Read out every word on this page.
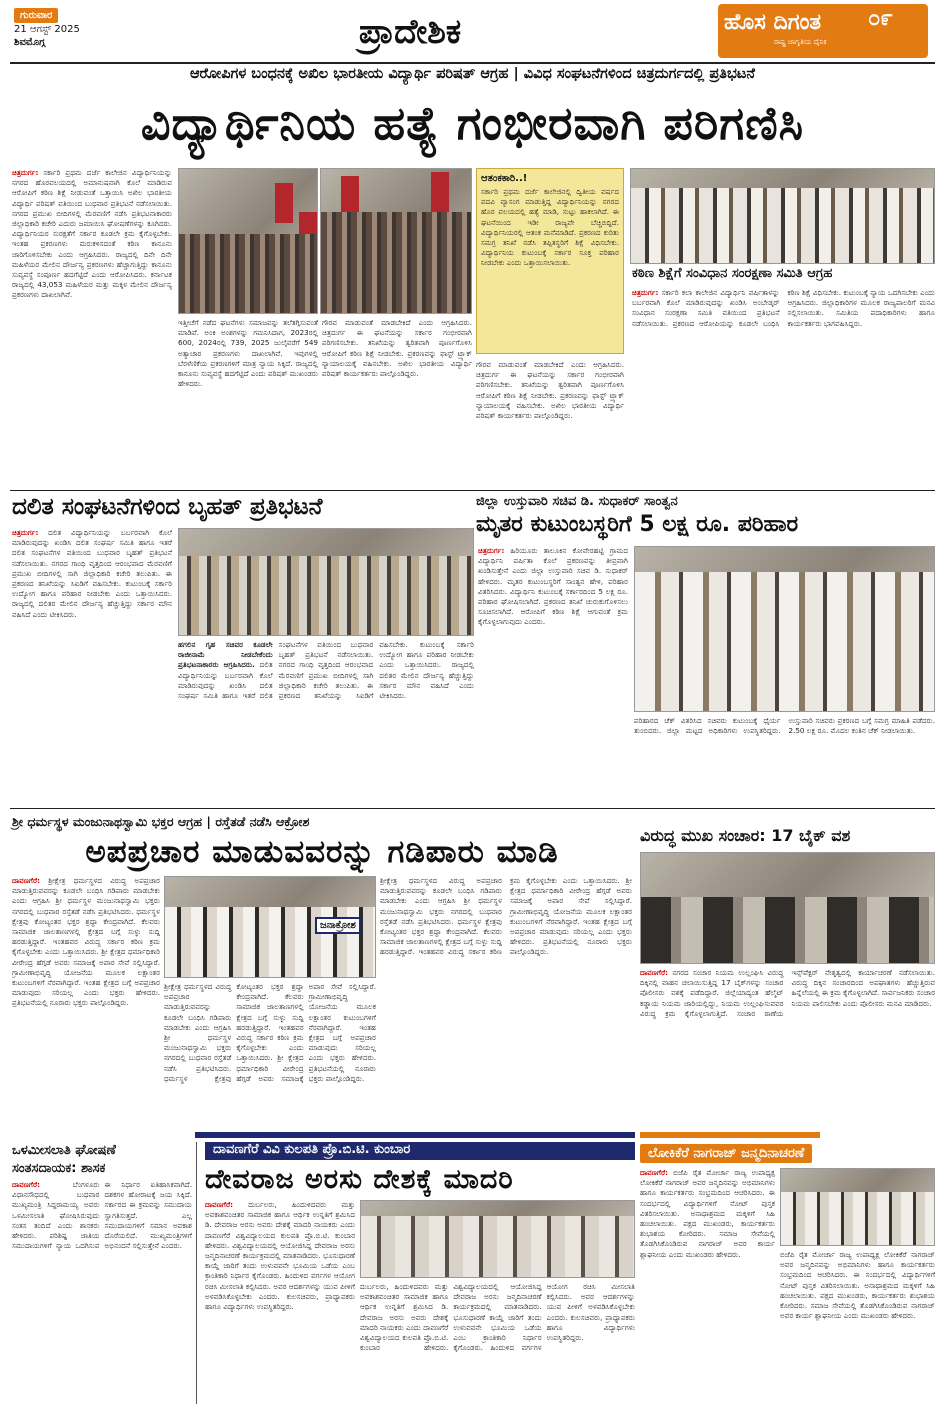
ಗುರುವಾರ
21 ಆಗಸ್ಟ್ 2025
ಶಿವಮೊಗ್ಗ	ಪ್ರಾದೇಶಿಕ	ಹೊಸ ದಿಗಂತ ೦೯
ರಾಷ್ಟ್ರ ಜಾಗೃತಿಯ ದೈನಿಕ
ಆರೋಪಿಗಳ ಬಂಧನಕ್ಕೆ ಅಖಿಲ ಭಾರತೀಯ ವಿದ್ಯಾರ್ಥಿ ಪರಿಷತ್ ಆಗ್ರಹ | ವಿವಿಧ ಸಂಘಟನೆಗಳಿಂದ ಚಿತ್ರದುರ್ಗದಲ್ಲಿ ಪ್ರತಿಭಟನೆ
ವಿದ್ಯಾರ್ಥಿನಿಯ ಹತ್ಯೆ ಗಂಭೀರವಾಗಿ ಪರಿಗಣಿಸಿ
ಚಿತ್ರದುರ್ಗ: ಸರ್ಕಾರಿ ಪ್ರಥಮ ದರ್ಜೆ ಕಾಲೇಜಿನ ವಿದ್ಯಾರ್ಥಿನಿಯನ್ನು ನಗರದ ಹೊರವಲಯದಲ್ಲಿ ಅಮಾನುಷವಾಗಿ ಕೊಲೆ ಮಾಡಿರುವ ಆರೋಪಿಗೆ ಕಠಿಣ ಶಿಕ್ಷೆ ನೀಡುವಂತೆ ಒತ್ತಾಯಿಸಿ ಅಖಿಲ ಭಾರತೀಯ ವಿದ್ಯಾರ್ಥಿ ಪರಿಷತ್ ವತಿಯಿಂದ ಬುಧವಾರ ಪ್ರತಿಭಟನೆ ನಡೆಸಲಾಯಿತು. ನಗರದ ಪ್ರಮುಖ ಬೀದಿಗಳಲ್ಲಿ ಮೆರವಣಿಗೆ ನಡೆಸಿ ಪ್ರತಿಭಟನಾಕಾರರು ಜಿಲ್ಲಾಧಿಕಾರಿ ಕಚೇರಿ ಎದುರು ಜಮಾಯಿಸಿ ಘೋಷಣೆಗಳನ್ನು ಕೂಗಿದರು. ವಿದ್ಯಾರ್ಥಿನಿಯರ ಸುರಕ್ಷತೆಗೆ ಸರ್ಕಾರ ಕೂಡಲೇ ಕ್ರಮ ಕೈಗೊಳ್ಳಬೇಕು. ಇಂತಹ ಪ್ರಕರಣಗಳು ಮರುಕಳಿಸದಂತೆ ಕಠಿಣ ಕಾನೂನು ಜಾರಿಗೊಳಿಸಬೇಕು ಎಂದು ಆಗ್ರಹಿಸಿದರು. ರಾಜ್ಯದಲ್ಲಿ ದಿನೇ ದಿನೇ ಮಹಿಳೆಯರ ಮೇಲಿನ ದೌರ್ಜನ್ಯ ಪ್ರಕರಣಗಳು ಹೆಚ್ಚಾಗುತ್ತಿದ್ದು ಕಾನೂನು ಸುವ್ಯವಸ್ಥೆ ಸಂಪೂರ್ಣ ಹದಗೆಟ್ಟಿದೆ ಎಂದು ಆರೋಪಿಸಿದರು. ಕರ್ನಾಟಕ ರಾಜ್ಯದಲ್ಲಿ 43,053 ಮಹಿಳೆಯರ ಮತ್ತು ಮಕ್ಕಳ ಮೇಲಿನ ದೌರ್ಜನ್ಯ ಪ್ರಕರಣಗಳು ದಾಖಲಾಗಿವೆ.
ಇತ್ತೀಚೆಗೆ ನಡೆದ ಘಟನೆಗಳು ಸಮಾಜವನ್ನು ತಲೆತಗ್ಗಿಸುವಂತೆ ಮಾಡಿವೆ. ಅಂಕಿ ಅಂಶಗಳನ್ನು ಗಮನಿಸಿದಾಗ, 2023ರಲ್ಲಿ 600, 2024ರಲ್ಲಿ 739, 2025 ಜುಲೈವರೆಗೆ 549 ಅತ್ಯಾಚಾರ ಪ್ರಕರಣಗಳು ದಾಖಲಾಗಿವೆ. ಇವುಗಳಲ್ಲಿ ಬೆರಳೆಣಿಕೆಯ ಪ್ರಕರಣಗಳಿಗೆ ಮಾತ್ರ ನ್ಯಾಯ ಸಿಕ್ಕಿದೆ. ರಾಜ್ಯದಲ್ಲಿ ಕಾನೂನು ಸುವ್ಯವಸ್ಥೆ ಹದಗೆಟ್ಟಿದೆ ಎಂದು ಪರಿಷತ್ ಮುಖಂಡರು ಹೇಳಿದರು.
ಗೌರವ ಮಾಡುವಂತೆ ಮಾಡಬೇಕಿದೆ ಎಂದು ಆಗ್ರಹಿಸಿದರು. ಚಿತ್ರದುರ್ಗ ಈ ಘಟನೆಯನ್ನು ಸರ್ಕಾರ ಗಂಭೀರವಾಗಿ ಪರಿಗಣಿಸಬೇಕು. ತನಿಖೆಯನ್ನು ತ್ವರಿತವಾಗಿ ಪೂರ್ಣಗೊಳಿಸಿ ಆರೋಪಿಗೆ ಕಠಿಣ ಶಿಕ್ಷೆ ನೀಡಬೇಕು. ಪ್ರಕರಣವನ್ನು ಫಾಸ್ಟ್ ಟ್ರ್ಯಾಕ್ ನ್ಯಾಯಾಲಯಕ್ಕೆ ವಹಿಸಬೇಕು. ಅಖಿಲ ಭಾರತೀಯ ವಿದ್ಯಾರ್ಥಿ ಪರಿಷತ್ ಕಾರ್ಯಕರ್ತರು ಪಾಲ್ಗೊಂಡಿದ್ದರು.
ಆತಂಕಕಾರಿ..!
ಸರ್ಕಾರಿ ಪ್ರಥಮ ದರ್ಜೆ ಕಾಲೇಜಿನಲ್ಲಿ ದ್ವಿತೀಯ ವರ್ಷದ ಪದವಿ ವ್ಯಾಸಂಗ ಮಾಡುತ್ತಿದ್ದ ವಿದ್ಯಾರ್ಥಿನಿಯನ್ನು ನಗರದ ಹೊರ ವಲಯದಲ್ಲಿ ಹತ್ಯೆ ಮಾಡಿ, ಸುಟ್ಟು ಹಾಕಲಾಗಿದೆ. ಈ ಘಟನೆಯಿಂದ ಇಡೀ ರಾಜ್ಯವೇ ಬೆಚ್ಚಿಬಿದ್ದಿದೆ. ವಿದ್ಯಾರ್ಥಿನಿಯರಲ್ಲಿ ಆತಂಕ ಮನೆಮಾಡಿದೆ. ಪ್ರಕರಣದ ಕುರಿತು ಸಮಗ್ರ ತನಿಖೆ ನಡೆಸಿ ತಪ್ಪಿತಸ್ಥರಿಗೆ ಶಿಕ್ಷೆ ವಿಧಿಸಬೇಕು. ವಿದ್ಯಾರ್ಥಿನಿಯ ಕುಟುಂಬಕ್ಕೆ ಸರ್ಕಾರ ಸೂಕ್ತ ಪರಿಹಾರ ನೀಡಬೇಕು ಎಂದು ಒತ್ತಾಯಿಸಲಾಯಿತು.
ಗೌರವ ಮಾಡುವಂತೆ ಮಾಡಬೇಕಿದೆ ಎಂದು ಆಗ್ರಹಿಸಿದರು. ಚಿತ್ರದುರ್ಗ ಈ ಘಟನೆಯನ್ನು ಸರ್ಕಾರ ಗಂಭೀರವಾಗಿ ಪರಿಗಣಿಸಬೇಕು. ತನಿಖೆಯನ್ನು ತ್ವರಿತವಾಗಿ ಪೂರ್ಣಗೊಳಿಸಿ ಆರೋಪಿಗೆ ಕಠಿಣ ಶಿಕ್ಷೆ ನೀಡಬೇಕು. ಪ್ರಕರಣವನ್ನು ಫಾಸ್ಟ್ ಟ್ರ್ಯಾಕ್ ನ್ಯಾಯಾಲಯಕ್ಕೆ ವಹಿಸಬೇಕು. ಅಖಿಲ ಭಾರತೀಯ ವಿದ್ಯಾರ್ಥಿ ಪರಿಷತ್ ಕಾರ್ಯಕರ್ತರು ಪಾಲ್ಗೊಂಡಿದ್ದರು.
ಕಠಿಣ ಶಿಕ್ಷೆಗೆ ಸಂವಿಧಾನ ಸಂರಕ್ಷಣಾ ಸಮಿತಿ ಆಗ್ರಹ
ಚಿತ್ರದುರ್ಗ: ಸರ್ಕಾರಿ ಕಲಾ ಕಾಲೇಜಿನ ವಿದ್ಯಾರ್ಥಿನಿ ವರ್ಷಿತಾಳನ್ನು ಬರ್ಬರವಾಗಿ ಕೊಲೆ ಮಾಡಿರುವುದನ್ನು ಖಂಡಿಸಿ ಅಂಬೇಡ್ಕರ್ ಸಂವಿಧಾನ ಸಂರಕ್ಷಣಾ ಸಮಿತಿ ವತಿಯಿಂದ ಪ್ರತಿಭಟನೆ ನಡೆಸಲಾಯಿತು. ಪ್ರಕರಣದ ಆರೋಪಿಯನ್ನು ಕೂಡಲೇ ಬಂಧಿಸಿ ಕಠಿಣ ಶಿಕ್ಷೆ ವಿಧಿಸಬೇಕು. ಕುಟುಂಬಕ್ಕೆ ನ್ಯಾಯ ಒದಗಿಸಬೇಕು ಎಂದು ಆಗ್ರಹಿಸಿದರು. ಜಿಲ್ಲಾಧಿಕಾರಿಗಳ ಮೂಲಕ ರಾಜ್ಯಪಾಲರಿಗೆ ಮನವಿ ಸಲ್ಲಿಸಲಾಯಿತು. ಸಮಿತಿಯ ಪದಾಧಿಕಾರಿಗಳು ಹಾಗೂ ಕಾರ್ಯಕರ್ತರು ಭಾಗವಹಿಸಿದ್ದರು.
ದಲಿತ ಸಂಘಟನೆಗಳಿಂದ ಬೃಹತ್ ಪ್ರತಿಭಟನೆ
ಚಿತ್ರದುರ್ಗ: ದಲಿತ ವಿದ್ಯಾರ್ಥಿನಿಯನ್ನು ಬರ್ಬರವಾಗಿ ಕೊಲೆ ಮಾಡಿರುವುದನ್ನು ಖಂಡಿಸಿ ದಲಿತ ಸಂಘರ್ಷ ಸಮಿತಿ ಹಾಗೂ ಇತರೆ ದಲಿತ ಸಂಘಟನೆಗಳ ವತಿಯಿಂದ ಬುಧವಾರ ಬೃಹತ್ ಪ್ರತಿಭಟನೆ ನಡೆಸಲಾಯಿತು. ನಗರದ ಗಾಂಧಿ ವೃತ್ತದಿಂದ ಆರಂಭವಾದ ಮೆರವಣಿಗೆ ಪ್ರಮುಖ ಬೀದಿಗಳಲ್ಲಿ ಸಾಗಿ ಜಿಲ್ಲಾಧಿಕಾರಿ ಕಚೇರಿ ತಲುಪಿತು. ಈ ಪ್ರಕರಣದ ತನಿಖೆಯನ್ನು ಸಿಐಡಿಗೆ ವಹಿಸಬೇಕು. ಕುಟುಂಬಕ್ಕೆ ಸರ್ಕಾರಿ ಉದ್ಯೋಗ ಹಾಗೂ ಪರಿಹಾರ ನೀಡಬೇಕು ಎಂದು ಒತ್ತಾಯಿಸಿದರು. ರಾಜ್ಯದಲ್ಲಿ ದಲಿತರ ಮೇಲಿನ ದೌರ್ಜನ್ಯ ಹೆಚ್ಚುತ್ತಿದ್ದು ಸರ್ಕಾರ ಮೌನ ವಹಿಸಿದೆ ಎಂದು ಟೀಕಿಸಿದರು.
ಹಗಲಿನ ಗೃಹ ಸಚಿವರ ಕೂಡಲೇ ರಾಜೀನಾಮೆ ನೀಡಬೇಕೆಂದು ಪ್ರತಿಭಟನಾಕಾರರು ಆಗ್ರಹಿಸಿದರು. ದಲಿತ ವಿದ್ಯಾರ್ಥಿನಿಯನ್ನು ಬರ್ಬರವಾಗಿ ಕೊಲೆ ಮಾಡಿರುವುದನ್ನು ಖಂಡಿಸಿ ದಲಿತ ಸಂಘರ್ಷ ಸಮಿತಿ ಹಾಗೂ ಇತರೆ ದಲಿತ ಸಂಘಟನೆಗಳ ವತಿಯಿಂದ ಬುಧವಾರ ಬೃಹತ್ ಪ್ರತಿಭಟನೆ ನಡೆಸಲಾಯಿತು. ನಗರದ ಗಾಂಧಿ ವೃತ್ತದಿಂದ ಆರಂಭವಾದ ಮೆರವಣಿಗೆ ಪ್ರಮುಖ ಬೀದಿಗಳಲ್ಲಿ ಸಾಗಿ ಜಿಲ್ಲಾಧಿಕಾರಿ ಕಚೇರಿ ತಲುಪಿತು. ಈ ಪ್ರಕರಣದ ತನಿಖೆಯನ್ನು ಸಿಐಡಿಗೆ ವಹಿಸಬೇಕು. ಕುಟುಂಬಕ್ಕೆ ಸರ್ಕಾರಿ ಉದ್ಯೋಗ ಹಾಗೂ ಪರಿಹಾರ ನೀಡಬೇಕು ಎಂದು ಒತ್ತಾಯಿಸಿದರು. ರಾಜ್ಯದಲ್ಲಿ ದಲಿತರ ಮೇಲಿನ ದೌರ್ಜನ್ಯ ಹೆಚ್ಚುತ್ತಿದ್ದು ಸರ್ಕಾರ ಮೌನ ವಹಿಸಿದೆ ಎಂದು ಟೀಕಿಸಿದರು.
ಜಿಲ್ಲಾ ಉಸ್ತುವಾರಿ ಸಚಿವ ಡಿ. ಸುಧಾಕರ್ ಸಾಂತ್ವನ
ಮೃತರ ಕುಟುಂಬಸ್ಥರಿಗೆ 5 ಲಕ್ಷ ರೂ. ಪರಿಹಾರ
ಚಿತ್ರದುರ್ಗ: ಹಿರಿಯೂರು ತಾಲೂಕಿನ ಕೋವೇರಹಟ್ಟಿ ಗ್ರಾಮದ ವಿದ್ಯಾರ್ಥಿನಿ ವರ್ಷಿತಾ ಕೊಲೆ ಪ್ರಕರಣವನ್ನು ತೀವ್ರವಾಗಿ ಖಂಡಿಸುತ್ತೇನೆ ಎಂದು ಜಿಲ್ಲಾ ಉಸ್ತುವಾರಿ ಸಚಿವ ಡಿ. ಸುಧಾಕರ್ ಹೇಳಿದರು. ಮೃತರ ಕುಟುಂಬಸ್ಥರಿಗೆ ಸಾಂತ್ವನ ಹೇಳಿ, ಪರಿಹಾರ ವಿತರಿಸಿದರು. ವಿದ್ಯಾರ್ಥಿನಿ ಕುಟುಂಬಕ್ಕೆ ಸರ್ಕಾರದಿಂದ 5 ಲಕ್ಷ ರೂ. ಪರಿಹಾರ ಘೋಷಿಸಲಾಗಿದೆ. ಪ್ರಕರಣದ ತನಿಖೆ ಚುರುಕುಗೊಳಿಸಲು ಸೂಚಿಸಲಾಗಿದೆ. ಆರೋಪಿಗೆ ಕಠಿಣ ಶಿಕ್ಷೆ ಆಗುವಂತೆ ಕ್ರಮ ಕೈಗೊಳ್ಳಲಾಗುವುದು ಎಂದರು.
ಪರಿಹಾರದ ಚೆಕ್ ವಿತರಿಸಿದ ಸಚಿವರು ಕುಟುಂಬಕ್ಕೆ ಧೈರ್ಯ ತುಂಬಿದರು. ಜಿಲ್ಲಾ ಮಟ್ಟದ ಅಧಿಕಾರಿಗಳು ಉಪಸ್ಥಿತರಿದ್ದರು. ಉಸ್ತುವಾರಿ ಸಚಿವರು ಪ್ರಕರಣದ ಬಗ್ಗೆ ಸಮಗ್ರ ಮಾಹಿತಿ ಪಡೆದರು. 2.50 ಲಕ್ಷ ರೂ. ಮೊದಲ ಕಂತಿನ ಚೆಕ್ ನೀಡಲಾಯಿತು.
ಶ್ರೀ ಧರ್ಮಸ್ಥಳ ಮಂಜುನಾಥಸ್ವಾಮಿ ಭಕ್ತರ ಆಗ್ರಹ | ರಸ್ತೆತಡೆ ನಡೆಸಿ ಆಕ್ರೋಶ
ಅಪಪ್ರಚಾರ ಮಾಡುವವರನ್ನು ಗಡಿಪಾರು ಮಾಡಿ
ದಾವಣಗೆರೆ: ಶ್ರೀಕ್ಷೇತ್ರ ಧರ್ಮಸ್ಥಳದ ವಿರುದ್ಧ ಅಪಪ್ರಚಾರ ಮಾಡುತ್ತಿರುವವರನ್ನು ಕೂಡಲೇ ಬಂಧಿಸಿ ಗಡಿಪಾರು ಮಾಡಬೇಕು ಎಂದು ಆಗ್ರಹಿಸಿ ಶ್ರೀ ಧರ್ಮಸ್ಥಳ ಮಂಜುನಾಥಸ್ವಾಮಿ ಭಕ್ತರು ನಗರದಲ್ಲಿ ಬುಧವಾರ ರಸ್ತೆತಡೆ ನಡೆಸಿ ಪ್ರತಿಭಟಿಸಿದರು. ಧರ್ಮಸ್ಥಳ ಕ್ಷೇತ್ರವು ಕೋಟ್ಯಂತರ ಭಕ್ತರ ಶ್ರದ್ಧಾ ಕೇಂದ್ರವಾಗಿದೆ. ಕೆಲವರು ಸಾಮಾಜಿಕ ಜಾಲತಾಣಗಳಲ್ಲಿ ಕ್ಷೇತ್ರದ ಬಗ್ಗೆ ಸುಳ್ಳು ಸುದ್ದಿ ಹರಡುತ್ತಿದ್ದಾರೆ. ಇಂತಹವರ ವಿರುದ್ಧ ಸರ್ಕಾರ ಕಠಿಣ ಕ್ರಮ ಕೈಗೊಳ್ಳಬೇಕು ಎಂದು ಒತ್ತಾಯಿಸಿದರು. ಶ್ರೀ ಕ್ಷೇತ್ರದ ಧರ್ಮಾಧಿಕಾರಿ ವೀರೇಂದ್ರ ಹೆಗ್ಗಡೆ ಅವರು ಸಮಾಜಕ್ಕೆ ಅಪಾರ ಸೇವೆ ಸಲ್ಲಿಸಿದ್ದಾರೆ. ಗ್ರಾಮೀಣಾಭಿವೃದ್ಧಿ ಯೋಜನೆಯ ಮೂಲಕ ಲಕ್ಷಾಂತರ ಕುಟುಂಬಗಳಿಗೆ ನೆರವಾಗಿದ್ದಾರೆ. ಇಂತಹ ಕ್ಷೇತ್ರದ ಬಗ್ಗೆ ಅಪಪ್ರಚಾರ ಮಾಡುವುದು ಸರಿಯಲ್ಲ ಎಂದು ಭಕ್ತರು ಹೇಳಿದರು. ಪ್ರತಿಭಟನೆಯಲ್ಲಿ ನೂರಾರು ಭಕ್ತರು ಪಾಲ್ಗೊಂಡಿದ್ದರು.
ಜನಾಕ್ರೋಶ
ಶ್ರೀಕ್ಷೇತ್ರ ಧರ್ಮಸ್ಥಳದ ವಿರುದ್ಧ ಅಪಪ್ರಚಾರ ಮಾಡುತ್ತಿರುವವರನ್ನು ಕೂಡಲೇ ಬಂಧಿಸಿ ಗಡಿಪಾರು ಮಾಡಬೇಕು ಎಂದು ಆಗ್ರಹಿಸಿ ಶ್ರೀ ಧರ್ಮಸ್ಥಳ ಮಂಜುನಾಥಸ್ವಾಮಿ ಭಕ್ತರು ನಗರದಲ್ಲಿ ಬುಧವಾರ ರಸ್ತೆತಡೆ ನಡೆಸಿ ಪ್ರತಿಭಟಿಸಿದರು. ಧರ್ಮಸ್ಥಳ ಕ್ಷೇತ್ರವು ಕೋಟ್ಯಂತರ ಭಕ್ತರ ಶ್ರದ್ಧಾ ಕೇಂದ್ರವಾಗಿದೆ. ಕೆಲವರು ಸಾಮಾಜಿಕ ಜಾಲತಾಣಗಳಲ್ಲಿ ಕ್ಷೇತ್ರದ ಬಗ್ಗೆ ಸುಳ್ಳು ಸುದ್ದಿ ಹರಡುತ್ತಿದ್ದಾರೆ. ಇಂತಹವರ ವಿರುದ್ಧ ಸರ್ಕಾರ ಕಠಿಣ ಕ್ರಮ ಕೈಗೊಳ್ಳಬೇಕು ಎಂದು ಒತ್ತಾಯಿಸಿದರು. ಶ್ರೀ ಕ್ಷೇತ್ರದ ಧರ್ಮಾಧಿಕಾರಿ ವೀರೇಂದ್ರ ಹೆಗ್ಗಡೆ ಅವರು ಸಮಾಜಕ್ಕೆ ಅಪಾರ ಸೇವೆ ಸಲ್ಲಿಸಿದ್ದಾರೆ. ಗ್ರಾಮೀಣಾಭಿವೃದ್ಧಿ ಯೋಜನೆಯ ಮೂಲಕ ಲಕ್ಷಾಂತರ ಕುಟುಂಬಗಳಿಗೆ ನೆರವಾಗಿದ್ದಾರೆ. ಇಂತಹ ಕ್ಷೇತ್ರದ ಬಗ್ಗೆ ಅಪಪ್ರಚಾರ ಮಾಡುವುದು ಸರಿಯಲ್ಲ ಎಂದು ಭಕ್ತರು ಹೇಳಿದರು. ಪ್ರತಿಭಟನೆಯಲ್ಲಿ ನೂರಾರು ಭಕ್ತರು ಪಾಲ್ಗೊಂಡಿದ್ದರು.
ಶ್ರೀಕ್ಷೇತ್ರ ಧರ್ಮಸ್ಥಳದ ವಿರುದ್ಧ ಅಪಪ್ರಚಾರ ಮಾಡುತ್ತಿರುವವರನ್ನು ಕೂಡಲೇ ಬಂಧಿಸಿ ಗಡಿಪಾರು ಮಾಡಬೇಕು ಎಂದು ಆಗ್ರಹಿಸಿ ಶ್ರೀ ಧರ್ಮಸ್ಥಳ ಮಂಜುನಾಥಸ್ವಾಮಿ ಭಕ್ತರು ನಗರದಲ್ಲಿ ಬುಧವಾರ ರಸ್ತೆತಡೆ ನಡೆಸಿ ಪ್ರತಿಭಟಿಸಿದರು. ಧರ್ಮಸ್ಥಳ ಕ್ಷೇತ್ರವು ಕೋಟ್ಯಂತರ ಭಕ್ತರ ಶ್ರದ್ಧಾ ಕೇಂದ್ರವಾಗಿದೆ. ಕೆಲವರು ಸಾಮಾಜಿಕ ಜಾಲತಾಣಗಳಲ್ಲಿ ಕ್ಷೇತ್ರದ ಬಗ್ಗೆ ಸುಳ್ಳು ಸುದ್ದಿ ಹರಡುತ್ತಿದ್ದಾರೆ. ಇಂತಹವರ ವಿರುದ್ಧ ಸರ್ಕಾರ ಕಠಿಣ ಕ್ರಮ ಕೈಗೊಳ್ಳಬೇಕು ಎಂದು ಒತ್ತಾಯಿಸಿದರು. ಶ್ರೀ ಕ್ಷೇತ್ರದ ಧರ್ಮಾಧಿಕಾರಿ ವೀರೇಂದ್ರ ಹೆಗ್ಗಡೆ ಅವರು ಸಮಾಜಕ್ಕೆ ಅಪಾರ ಸೇವೆ ಸಲ್ಲಿಸಿದ್ದಾರೆ. ಗ್ರಾಮೀಣಾಭಿವೃದ್ಧಿ ಯೋಜನೆಯ ಮೂಲಕ ಲಕ್ಷಾಂತರ ಕುಟುಂಬಗಳಿಗೆ ನೆರವಾಗಿದ್ದಾರೆ. ಇಂತಹ ಕ್ಷೇತ್ರದ ಬಗ್ಗೆ ಅಪಪ್ರಚಾರ ಮಾಡುವುದು ಸರಿಯಲ್ಲ ಎಂದು ಭಕ್ತರು ಹೇಳಿದರು. ಪ್ರತಿಭಟನೆಯಲ್ಲಿ ನೂರಾರು ಭಕ್ತರು ಪಾಲ್ಗೊಂಡಿದ್ದರು.
ವಿರುದ್ಧ ಮುಖ ಸಂಚಾರ: 17 ಬೈಕ್ ವಶ
ದಾವಣಗೆರೆ: ನಗರದ ಸಂಚಾರ ನಿಯಮ ಉಲ್ಲಂಘಿಸಿ ವಿರುದ್ಧ ದಿಕ್ಕಿನಲ್ಲಿ ವಾಹನ ಚಲಾಯಿಸುತ್ತಿದ್ದ 17 ಬೈಕ್‌ಗಳನ್ನು ಸಂಚಾರ ಪೊಲೀಸರು ವಶಕ್ಕೆ ಪಡೆದಿದ್ದಾರೆ. ಜಿಲ್ಲೆಯಾದ್ಯಂತ ಹೆಲ್ಮೆಟ್ ಕಡ್ಡಾಯ ನಿಯಮ ಜಾರಿಯಲ್ಲಿದ್ದು, ನಿಯಮ ಉಲ್ಲಂಘಿಸುವವರ ವಿರುದ್ಧ ಕ್ರಮ ಕೈಗೊಳ್ಳಲಾಗುತ್ತಿದೆ. ಸಂಚಾರ ಠಾಣೆಯ ಇನ್ಸ್‌ಪೆಕ್ಟರ್ ನೇತೃತ್ವದಲ್ಲಿ ಕಾರ್ಯಾಚರಣೆ ನಡೆಸಲಾಯಿತು. ವಿರುದ್ಧ ದಿಕ್ಕಿನ ಸಂಚಾರದಿಂದ ಅಪಘಾತಗಳು ಹೆಚ್ಚುತ್ತಿರುವ ಹಿನ್ನೆಲೆಯಲ್ಲಿ ಈ ಕ್ರಮ ಕೈಗೊಳ್ಳಲಾಗಿದೆ. ಸಾರ್ವಜನಿಕರು ಸಂಚಾರ ನಿಯಮ ಪಾಲಿಸಬೇಕು ಎಂದು ಪೊಲೀಸರು ಮನವಿ ಮಾಡಿದರು.
ಒಳಮೀಸಲಾತಿ ಘೋಷಣೆ
ಸಂತಸದಾಯಕ: ಶಾಸಕ
ದಾವಣಗೆರೆ:	ಬೆಂಗಳೂರು ವಿಧಾನಸೌಧದಲ್ಲಿ ಬುಧವಾರ ಮುಖ್ಯಮಂತ್ರಿ ಸಿದ್ದರಾಮಯ್ಯ ಅವರು ಒಳಮೀಸಲಾತಿ ಘೋಷಿಸಿರುವುದು ಸಂತಸ ತಂದಿದೆ ಎಂದು ಶಾಸಕರು ಹೇಳಿದರು. ಪರಿಶಿಷ್ಟ ಜಾತಿಯ ಸಮುದಾಯಗಳಿಗೆ ನ್ಯಾಯ ಒದಗಿಸುವ ಈ ನಿರ್ಧಾರ ಐತಿಹಾಸಿಕವಾಗಿದೆ. ದಶಕಗಳ ಹೋರಾಟಕ್ಕೆ ಜಯ ಸಿಕ್ಕಿದೆ. ಸರ್ಕಾರದ ಈ ಕ್ರಮವನ್ನು ಸಮುದಾಯ ಸ್ವಾಗತಿಸುತ್ತದೆ. ಎಲ್ಲ ಸಮುದಾಯಗಳಿಗೆ ಸಮಾನ ಅವಕಾಶ ದೊರೆಯಲಿದೆ. ಮುಖ್ಯಮಂತ್ರಿಗಳಿಗೆ ಅಭಿನಂದನೆ ಸಲ್ಲಿಸುತ್ತೇನೆ ಎಂದರು.
ದಾವಣಗೆರೆ ವಿವಿ ಕುಲಪತಿ ಪ್ರೊ.ಬಿ.ಟಿ. ಕುಂಬಾರ
ದೇವರಾಜ ಅರಸು ದೇಶಕ್ಕೆ ಮಾದರಿ
ದಾವಣಗೆರೆ: ದುರ್ಬಲರು, ಹಿಂದುಳಿದವರು ಮತ್ತು ಅವಕಾಶವಂಚಿತರ ಸಾಮಾಜಿಕ ಹಾಗೂ ಆರ್ಥಿಕ ಉನ್ನತಿಗೆ ಶ್ರಮಿಸಿದ ಡಿ. ದೇವರಾಜ ಅರಸು ಅವರು ದೇಶಕ್ಕೆ ಮಾದರಿ ನಾಯಕರು ಎಂದು ದಾವಣಗೆರೆ ವಿಶ್ವವಿದ್ಯಾಲಯದ ಕುಲಪತಿ ಪ್ರೊ.ಬಿ.ಟಿ. ಕುಂಬಾರ ಹೇಳಿದರು. ವಿಶ್ವವಿದ್ಯಾಲಯದಲ್ಲಿ ಆಯೋಜಿಸಿದ್ದ ದೇವರಾಜ ಅರಸು ಜನ್ಮದಿನಾಚರಣೆ ಕಾರ್ಯಕ್ರಮದಲ್ಲಿ ಮಾತನಾಡಿದರು. ಭೂಸುಧಾರಣೆ ಕಾಯ್ದೆ ಜಾರಿಗೆ ತಂದು ಉಳುವವನೇ ಭೂಮಿಯ ಒಡೆಯ ಎಂಬ ಕ್ರಾಂತಿಕಾರಿ ನಿರ್ಧಾರ ಕೈಗೊಂಡರು. ಹಿಂದುಳಿದ ವರ್ಗಗಳ ಆಯೋಗ ರಚಿಸಿ ಮೀಸಲಾತಿ ಕಲ್ಪಿಸಿದರು. ಅವರ ಆದರ್ಶಗಳನ್ನು ಯುವ ಪೀಳಿಗೆ ಅಳವಡಿಸಿಕೊಳ್ಳಬೇಕು ಎಂದರು. ಕುಲಸಚಿವರು, ಪ್ರಾಧ್ಯಾಪಕರು ಹಾಗೂ ವಿದ್ಯಾರ್ಥಿಗಳು ಉಪಸ್ಥಿತರಿದ್ದರು.
ದುರ್ಬಲರು, ಹಿಂದುಳಿದವರು ಮತ್ತು ಅವಕಾಶವಂಚಿತರ ಸಾಮಾಜಿಕ ಹಾಗೂ ಆರ್ಥಿಕ ಉನ್ನತಿಗೆ ಶ್ರಮಿಸಿದ ಡಿ. ದೇವರಾಜ ಅರಸು ಅವರು ದೇಶಕ್ಕೆ ಮಾದರಿ ನಾಯಕರು ಎಂದು ದಾವಣಗೆರೆ ವಿಶ್ವವಿದ್ಯಾಲಯದ ಕುಲಪತಿ ಪ್ರೊ.ಬಿ.ಟಿ. ಕುಂಬಾರ ಹೇಳಿದರು. ವಿಶ್ವವಿದ್ಯಾಲಯದಲ್ಲಿ ಆಯೋಜಿಸಿದ್ದ ದೇವರಾಜ ಅರಸು ಜನ್ಮದಿನಾಚರಣೆ ಕಾರ್ಯಕ್ರಮದಲ್ಲಿ ಮಾತನಾಡಿದರು. ಭೂಸುಧಾರಣೆ ಕಾಯ್ದೆ ಜಾರಿಗೆ ತಂದು ಉಳುವವನೇ ಭೂಮಿಯ ಒಡೆಯ ಎಂಬ ಕ್ರಾಂತಿಕಾರಿ ನಿರ್ಧಾರ ಕೈಗೊಂಡರು. ಹಿಂದುಳಿದ ವರ್ಗಗಳ ಆಯೋಗ ರಚಿಸಿ ಮೀಸಲಾತಿ ಕಲ್ಪಿಸಿದರು. ಅವರ ಆದರ್ಶಗಳನ್ನು ಯುವ ಪೀಳಿಗೆ ಅಳವಡಿಸಿಕೊಳ್ಳಬೇಕು ಎಂದರು. ಕುಲಸಚಿವರು, ಪ್ರಾಧ್ಯಾಪಕರು ಹಾಗೂ ವಿದ್ಯಾರ್ಥಿಗಳು ಉಪಸ್ಥಿತರಿದ್ದರು.
ಲೋಕಿಕೆರೆ ನಾಗರಾಜ್ ಜನ್ಮದಿನಾಚರಣೆ
ದಾವಣಗೆರೆ: ಬಿಜೆಪಿ ರೈತ ಮೋರ್ಚಾ ರಾಜ್ಯ ಉಪಾಧ್ಯಕ್ಷ ಲೋಕಿಕೆರೆ ನಾಗರಾಜ್ ಅವರ ಜನ್ಮದಿನವನ್ನು ಅಭಿಮಾನಿಗಳು ಹಾಗೂ ಕಾರ್ಯಕರ್ತರು ಸಂಭ್ರಮದಿಂದ ಆಚರಿಸಿದರು. ಈ ಸಂದರ್ಭದಲ್ಲಿ ವಿದ್ಯಾರ್ಥಿಗಳಿಗೆ ನೋಟ್ ಪುಸ್ತಕ ವಿತರಿಸಲಾಯಿತು. ಅನಾಥಾಶ್ರಮದ ಮಕ್ಕಳಿಗೆ ಸಿಹಿ ಹಂಚಲಾಯಿತು. ಪಕ್ಷದ ಮುಖಂಡರು, ಕಾರ್ಯಕರ್ತರು ಶುಭಾಶಯ ಕೋರಿದರು. ಸಮಾಜ ಸೇವೆಯಲ್ಲಿ ತೊಡಗಿಸಿಕೊಂಡಿರುವ ನಾಗರಾಜ್ ಅವರ ಕಾರ್ಯ ಶ್ಲಾಘನೀಯ ಎಂದು ಮುಖಂಡರು ಹೇಳಿದರು.	ಬಿಜೆಪಿ ರೈತ ಮೋರ್ಚಾ ರಾಜ್ಯ ಉಪಾಧ್ಯಕ್ಷ ಲೋಕಿಕೆರೆ ನಾಗರಾಜ್ ಅವರ ಜನ್ಮದಿನವನ್ನು ಅಭಿಮಾನಿಗಳು ಹಾಗೂ ಕಾರ್ಯಕರ್ತರು ಸಂಭ್ರಮದಿಂದ ಆಚರಿಸಿದರು. ಈ ಸಂದರ್ಭದಲ್ಲಿ ವಿದ್ಯಾರ್ಥಿಗಳಿಗೆ ನೋಟ್ ಪುಸ್ತಕ ವಿತರಿಸಲಾಯಿತು. ಅನಾಥಾಶ್ರಮದ ಮಕ್ಕಳಿಗೆ ಸಿಹಿ ಹಂಚಲಾಯಿತು. ಪಕ್ಷದ ಮುಖಂಡರು, ಕಾರ್ಯಕರ್ತರು ಶುಭಾಶಯ ಕೋರಿದರು. ಸಮಾಜ ಸೇವೆಯಲ್ಲಿ ತೊಡಗಿಸಿಕೊಂಡಿರುವ ನಾಗರಾಜ್ ಅವರ ಕಾರ್ಯ ಶ್ಲಾಘನೀಯ ಎಂದು ಮುಖಂಡರು ಹೇಳಿದರು.
